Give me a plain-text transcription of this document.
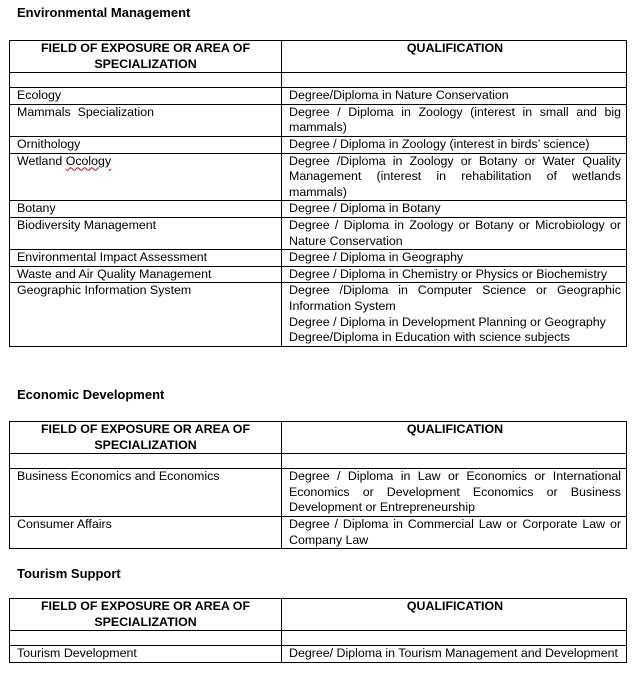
Environmental Management
FIELD OF EXPOSURE OR AREA OF SPECIALIZATION	QUALIFICATION

Ecology	Degree/Diploma in Nature Conservation
Mammals  Specialization	Degree / Diploma in Zoology (interest in small and big mammals)
Ornithology	Degree / Diploma in Zoology (interest in birds’ science)
Wetland Ocology	Degree /Diploma in Zoology or Botany or Water Quality Management (interest in rehabilitation of wetlands mammals)
Botany	Degree / Diploma in Botany
Biodiversity Management	Degree / Diploma in Zoology or Botany or Microbiology or Nature Conservation
Environmental Impact Assessment	Degree / Diploma in Geography
Waste and Air Quality Management	Degree / Diploma in Chemistry or Physics or Biochemistry
Geographic Information System	Degree /Diploma in Computer Science or Geographic Information System
Degree / Diploma in Development Planning or Geography
Degree/Diploma in Education with science subjects
Economic Development
FIELD OF EXPOSURE OR AREA OF SPECIALIZATION	QUALIFICATION

Business Economics and Economics	Degree / Diploma in Law or Economics or International Economics or Development Economics or Business Development or Entrepreneurship
Consumer Affairs	Degree / Diploma in Commercial Law or Corporate Law or Company Law
Tourism Support
FIELD OF EXPOSURE OR AREA OF SPECIALIZATION	QUALIFICATION

Tourism Development	Degree/ Diploma in Tourism Management and Development
